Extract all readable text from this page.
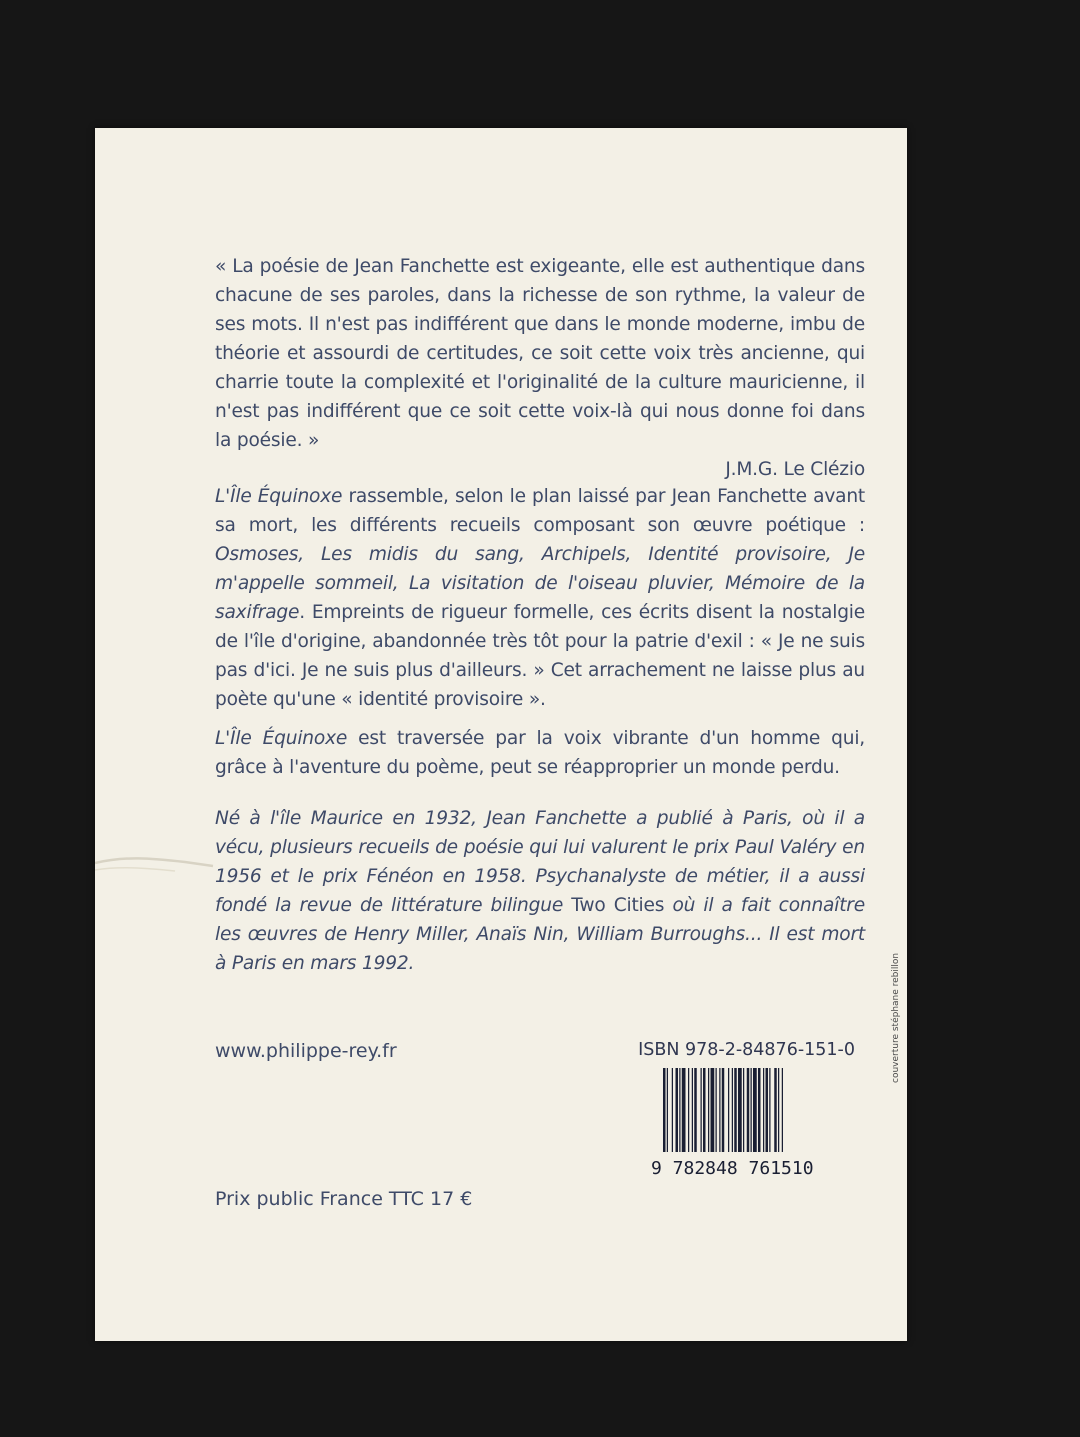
« La poésie de Jean Fanchette est exigeante, elle est authentique dans chacune de ses paroles, dans la richesse de son rythme, la valeur de ses mots. Il n'est pas indifférent que dans le monde moderne, imbu de théorie et assourdi de certitudes, ce soit cette voix très ancienne, qui charrie toute la complexité et l'originalité de la culture mauricienne, il n'est pas indifférent que ce soit cette voix-là qui nous donne foi dans la poésie. »
J.M.G. Le Clézio

L'Île Équinoxe rassemble, selon le plan laissé par Jean Fanchette avant sa mort, les différents recueils composant son œuvre poétique : Osmoses, Les midis du sang, Archipels, Identité provisoire, Je m'appelle sommeil, La visitation de l'oiseau pluvier, Mémoire de la saxifrage. Empreints de rigueur formelle, ces écrits disent la nostalgie de l'île d'origine, abandonnée très tôt pour la patrie d'exil : « Je ne suis pas d'ici. Je ne suis plus d'ailleurs. » Cet arrachement ne laisse plus au poète qu'une « identité provisoire ».

L'Île Équinoxe est traversée par la voix vibrante d'un homme qui, grâce à l'aventure du poème, peut se réapproprier un monde perdu.

Né à l'île Maurice en 1932, Jean Fanchette a publié à Paris, où il a vécu, plusieurs recueils de poésie qui lui valurent le prix Paul Valéry en 1956 et le prix Fénéon en 1958. Psychanalyste de métier, il a aussi fondé la revue de littérature bilingue Two Cities où il a fait connaître les œuvres de Henry Miller, Anaïs Nin, William Burroughs... Il est mort à Paris en mars 1992.
www.philippe-rey.fr
Prix public France TTC 17 €
ISBN 978-2-84876-151-0
9 782848 761510
couverture stéphane rebillon
